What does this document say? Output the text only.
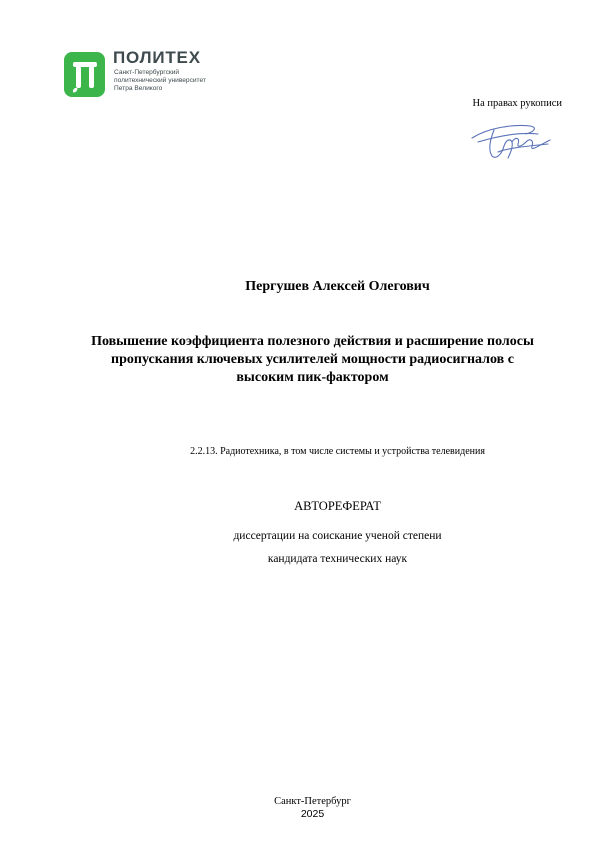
ПОЛИТЕХ
Санкт-Петербургский
политехнический университет
Петра Великого
На правах рукописи
Пергушев Алексей Олегович
Повышение коэффициента полезного действия и расширение полосы
пропускания ключевых усилителей мощности радиосигналов с
высоким пик-фактором
2.2.13. Радиотехника, в том числе системы и устройства телевидения
АВТОРЕФЕРАТ
диссертации на соискание ученой степени
кандидата технических наук
Санкт-Петербург
2025
